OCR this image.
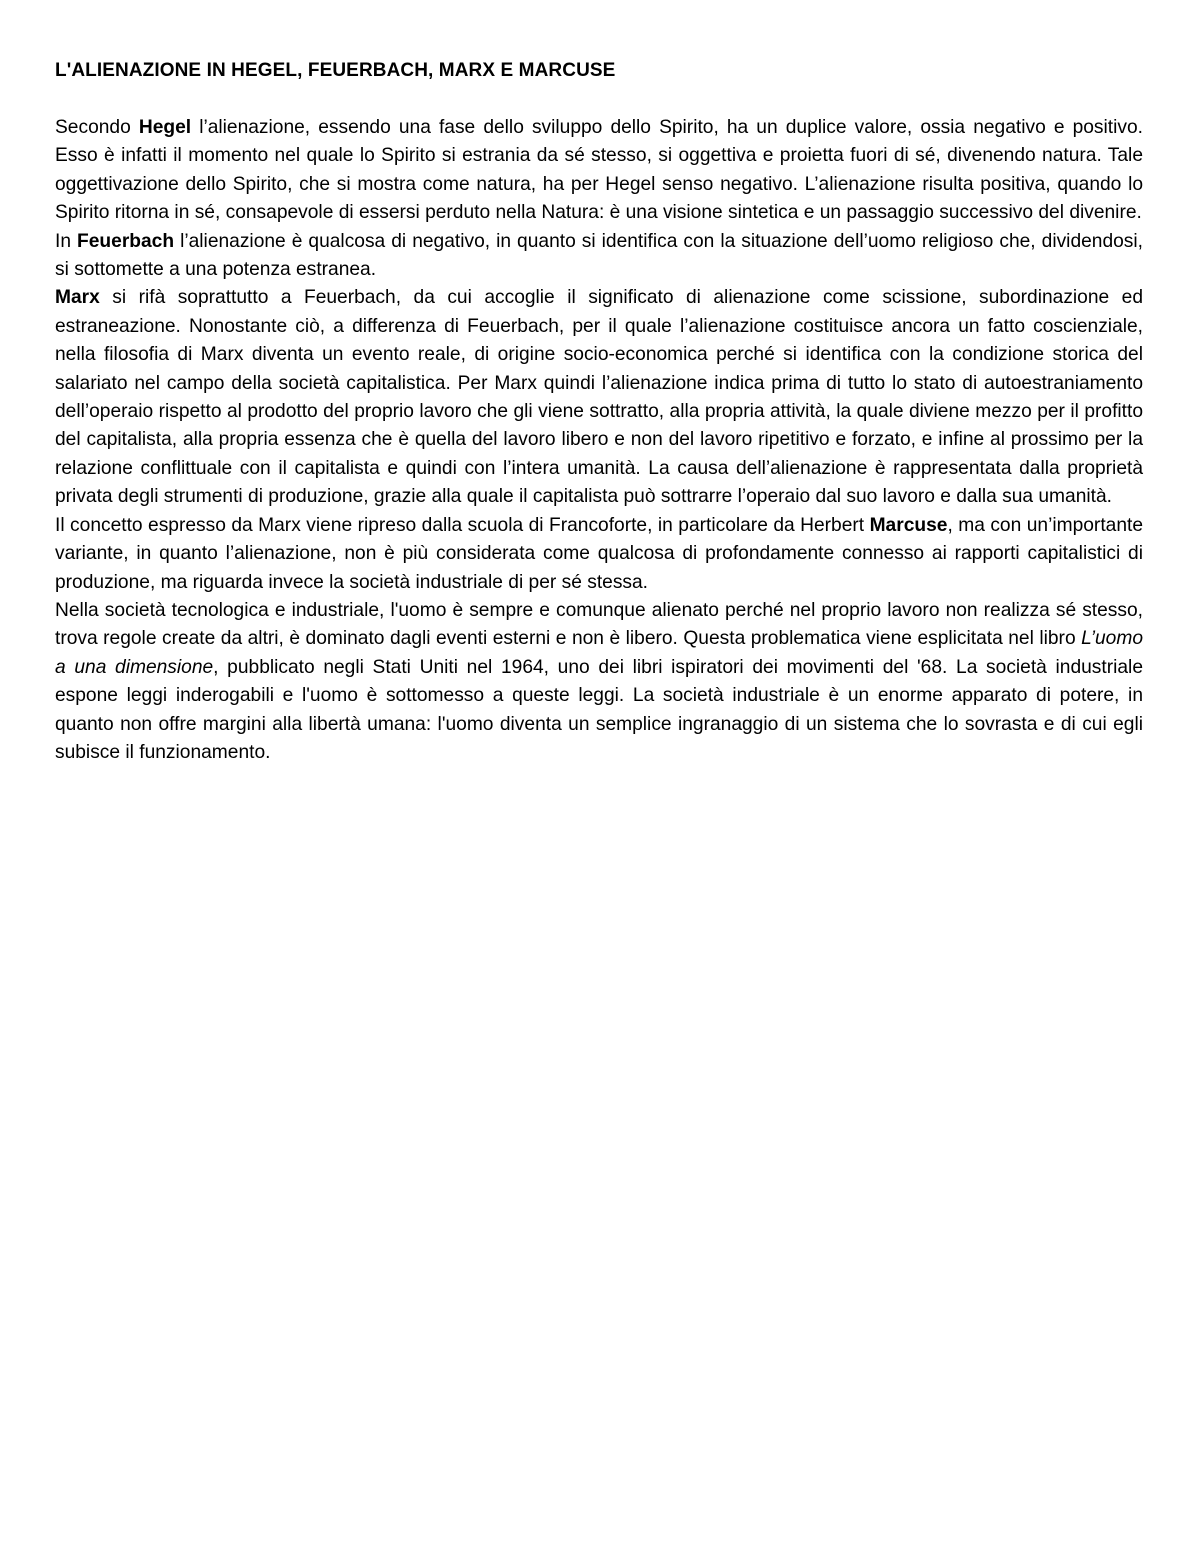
L'ALIENAZIONE IN HEGEL, FEUERBACH, MARX E MARCUSE

Secondo Hegel l’alienazione, essendo una fase dello sviluppo dello Spirito, ha un duplice valore, ossia negativo e positivo. Esso è infatti il momento nel quale lo Spirito si estrania da sé stesso, si oggettiva e proietta fuori di sé, divenendo natura. Tale oggettivazione dello Spirito, che si mostra come natura, ha per Hegel senso negativo. L’alienazione risulta positiva, quando lo Spirito ritorna in sé, consapevole di essersi perduto nella Natura: è una visione sintetica e un passaggio successivo del divenire.

In Feuerbach l’alienazione è qualcosa di negativo, in quanto si identifica con la situazione dell’uomo religioso che, dividendosi, si sottomette a una potenza estranea.

Marx si rifà soprattutto a Feuerbach, da cui accoglie il significato di alienazione come scissione, subordinazione ed estraneazione. Nonostante ciò, a differenza di Feuerbach, per il quale l’alienazione costituisce ancora un fatto coscienziale, nella filosofia di Marx diventa un evento reale, di origine socio-economica perché si identifica con la condizione storica del salariato nel campo della società capitalistica. Per Marx quindi l’alienazione indica prima di tutto lo stato di autoestraniamento dell’operaio rispetto al prodotto del proprio lavoro che gli viene sottratto, alla propria attività, la quale diviene mezzo per il profitto del capitalista, alla propria essenza che è quella del lavoro libero e non del lavoro ripetitivo e forzato, e infine al prossimo per la relazione conflittuale con il capitalista e quindi con l’intera umanità. La causa dell’alienazione è rappresentata dalla proprietà privata degli strumenti di produzione, grazie alla quale il capitalista può sottrarre l’operaio dal suo lavoro e dalla sua umanità.

Il concetto espresso da Marx viene ripreso dalla scuola di Francoforte, in particolare da Herbert Marcuse, ma con un’importante variante, in quanto l’alienazione, non è più considerata come qualcosa di profondamente connesso ai rapporti capitalistici di produzione, ma riguarda invece la società industriale di per sé stessa.

Nella società tecnologica e industriale, l'uomo è sempre e comunque alienato perché nel proprio lavoro non realizza sé stesso, trova regole create da altri, è dominato dagli eventi esterni e non è libero. Questa problematica viene esplicitata nel libro L’uomo a una dimensione, pubblicato negli Stati Uniti nel 1964, uno dei libri ispiratori dei movimenti del '68. La società industriale espone leggi inderogabili e l'uomo è sottomesso a queste leggi. La società industriale è un enorme apparato di potere, in quanto non offre margini alla libertà umana: l'uomo diventa un semplice ingranaggio di un sistema che lo sovrasta e di cui egli subisce il funzionamento.
